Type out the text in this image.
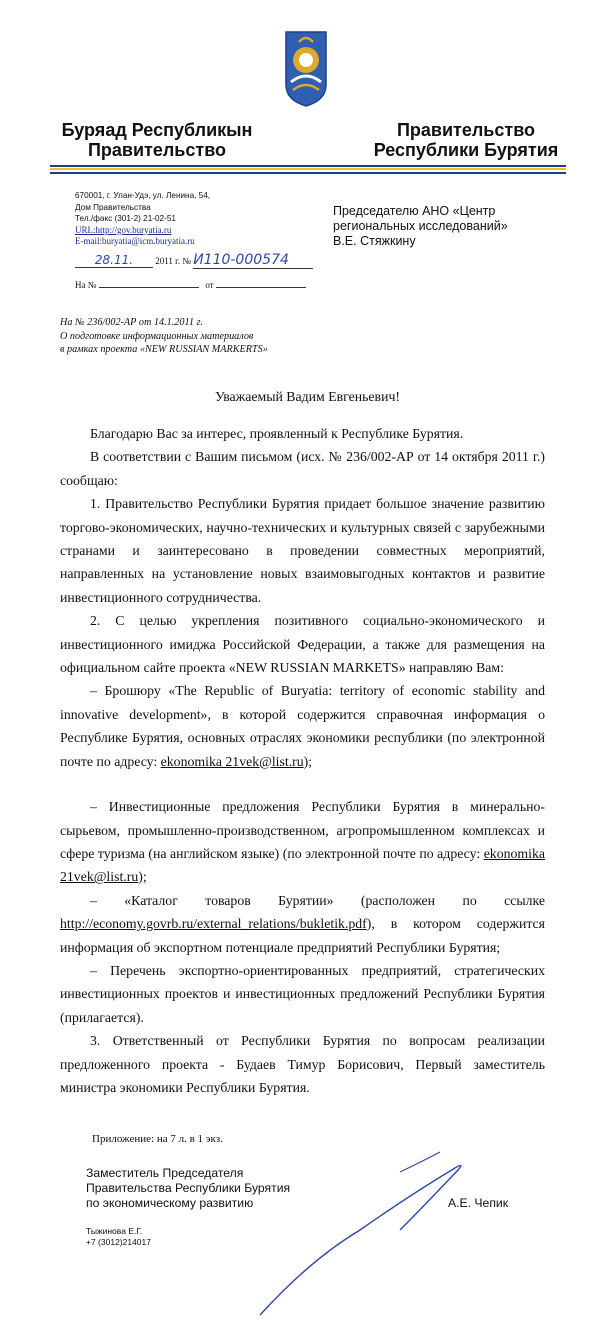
Буряад Республикын
Правительство
Правительство
Республики Бурятия
670001, г. Улан-Удэ, ул. Ленина, 54,
Дом Правительства
Тел./факс (301-2) 21-02-51
URL:http://gov.buryatia.ru
E-mail:buryatia@icm.buryatia.ru
28.11. 2011 г. № И110-000574
На №	от
Председателю АНО «Центр
региональных исследований»
В.Е. Стяжкину
На № 236/002-АР от 14.1.2011 г.
О подготовке информационных материалов
в рамках проекта «NEW RUSSIAN MARKERTS»
Уважаемый Вадим Евгеньевич!

Благодарю Вас за интерес, проявленный к Республике Бурятия.

В соответствии с Вашим письмом (исх. № 236/002-АР от 14 октября 2011 г.) сообщаю:

1. Правительство Республики Бурятия придает большое значение развитию торгово-экономических, научно-технических и культурных связей с зарубежными странами и заинтересовано в проведении совместных мероприятий, направленных на установление новых взаимовыгодных контактов и развитие инвестиционного сотрудничества.

2. С целью укрепления позитивного социально-экономического и инвестиционного имиджа Российской Федерации, а также для размещения на официальном сайте проекта «NEW RUSSIAN MARKETS» направляю Вам:

– Брошюру «The Republic of Buryatia: territory of economic stability and innovative development», в которой содержится справочная информация о Республике Бурятия, основных отраслях экономики республики (по электронной почте по адресу: ekonomika 21vek@list.ru);

– Инвестиционные предложения Республики Бурятия в минерально-сырьевом, промышленно-производственном, агропромышленном комплексах и сфере туризма (на английском языке) (по электронной почте по адресу: ekonomika 21vek@list.ru);

– «Каталог товаров Бурятии» (расположен по ссылке http://economy.govrb.ru/external_relations/bukletik.pdf), в котором содержится информация об экспортном потенциале предприятий Республики Бурятия;

– Перечень экспортно-ориентированных предприятий, стратегических инвестиционных проектов и инвестиционных предложений Республики Бурятия (прилагается).

3. Ответственный от Республики Бурятия по вопросам реализации предложенного проекта - Будаев Тимур Борисович, Первый заместитель министра экономики Республики Бурятия.

Приложение: на 7 л. в 1 экз.
Заместитель Председателя
Правительства Республики Бурятия
по экономическому развитию	А.Е. Чепик
Тыжинова Е.Г.
+7 (3012)214017
